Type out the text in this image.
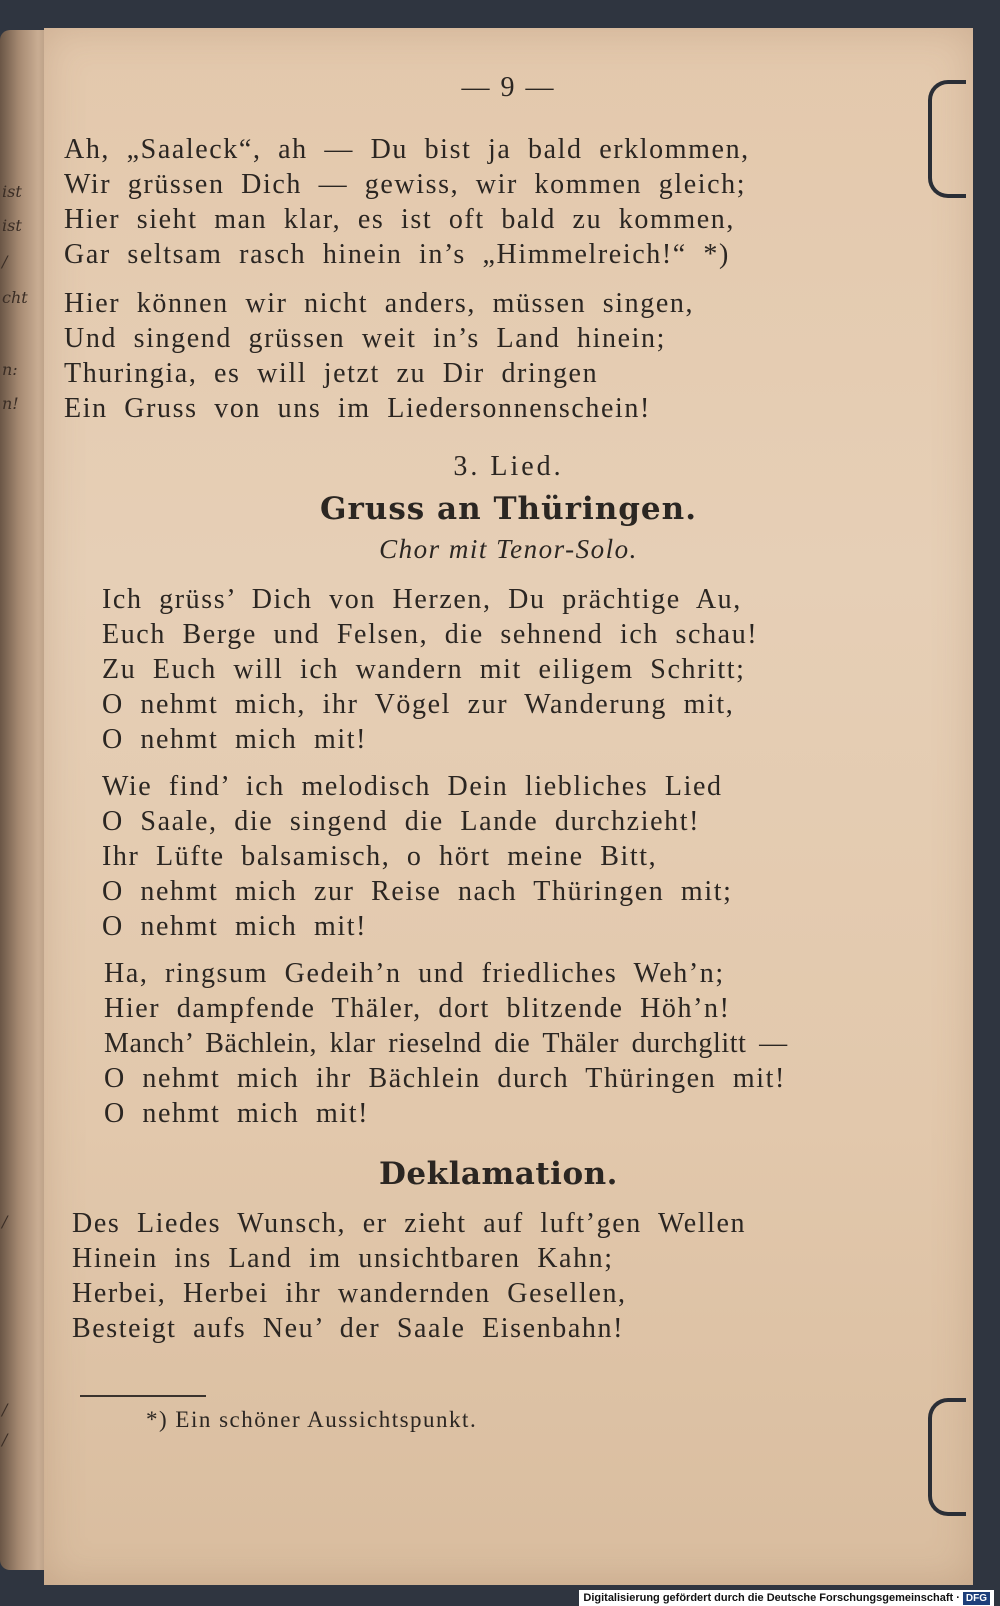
ist
ist
/
cht
n:
n!
/
/
/
— 9 —
Ah, „Saaleck“, ah — Du bist ja bald erklommen,
Wir grüssen Dich — gewiss, wir kommen gleich;
Hier sieht man klar, es ist oft bald zu kommen,
Gar seltsam rasch hinein in’s „Himmelreich!“ *)
Hier können wir nicht anders, müssen singen,
Und singend grüssen weit in’s Land hinein;
Thuringia, es will jetzt zu Dir dringen
Ein Gruss von uns im Liedersonnenschein!
3. Lied.
Gruss an Thüringen.
Chor mit Tenor-Solo.
Ich grüss’ Dich von Herzen, Du prächtige Au,
Euch Berge und Felsen, die sehnend ich schau!
Zu Euch will ich wandern mit eiligem Schritt;
O nehmt mich, ihr Vögel zur Wanderung mit,
O nehmt mich mit!
Wie find’ ich melodisch Dein liebliches Lied
O Saale, die singend die Lande durchzieht!
Ihr Lüfte balsamisch, o hört meine Bitt,
O nehmt mich zur Reise nach Thüringen mit;
O nehmt mich mit!
Ha, ringsum Gedeih’n und friedliches Weh’n;
Hier dampfende Thäler, dort blitzende Höh’n!
Manch’ Bächlein, klar rieselnd die Thäler durchglitt —
O nehmt mich ihr Bächlein durch Thüringen mit!
O nehmt mich mit!
Deklamation.
Des Liedes Wunsch, er zieht auf luft’gen Wellen
Hinein ins Land im unsichtbaren Kahn;
Herbei, Herbei ihr wandernden Gesellen,
Besteigt aufs Neu’ der Saale Eisenbahn!
*) Ein schöner Aussichtspunkt.
Digitalisierung gefördert durch die Deutsche Forschungsgemeinschaft · DFG
